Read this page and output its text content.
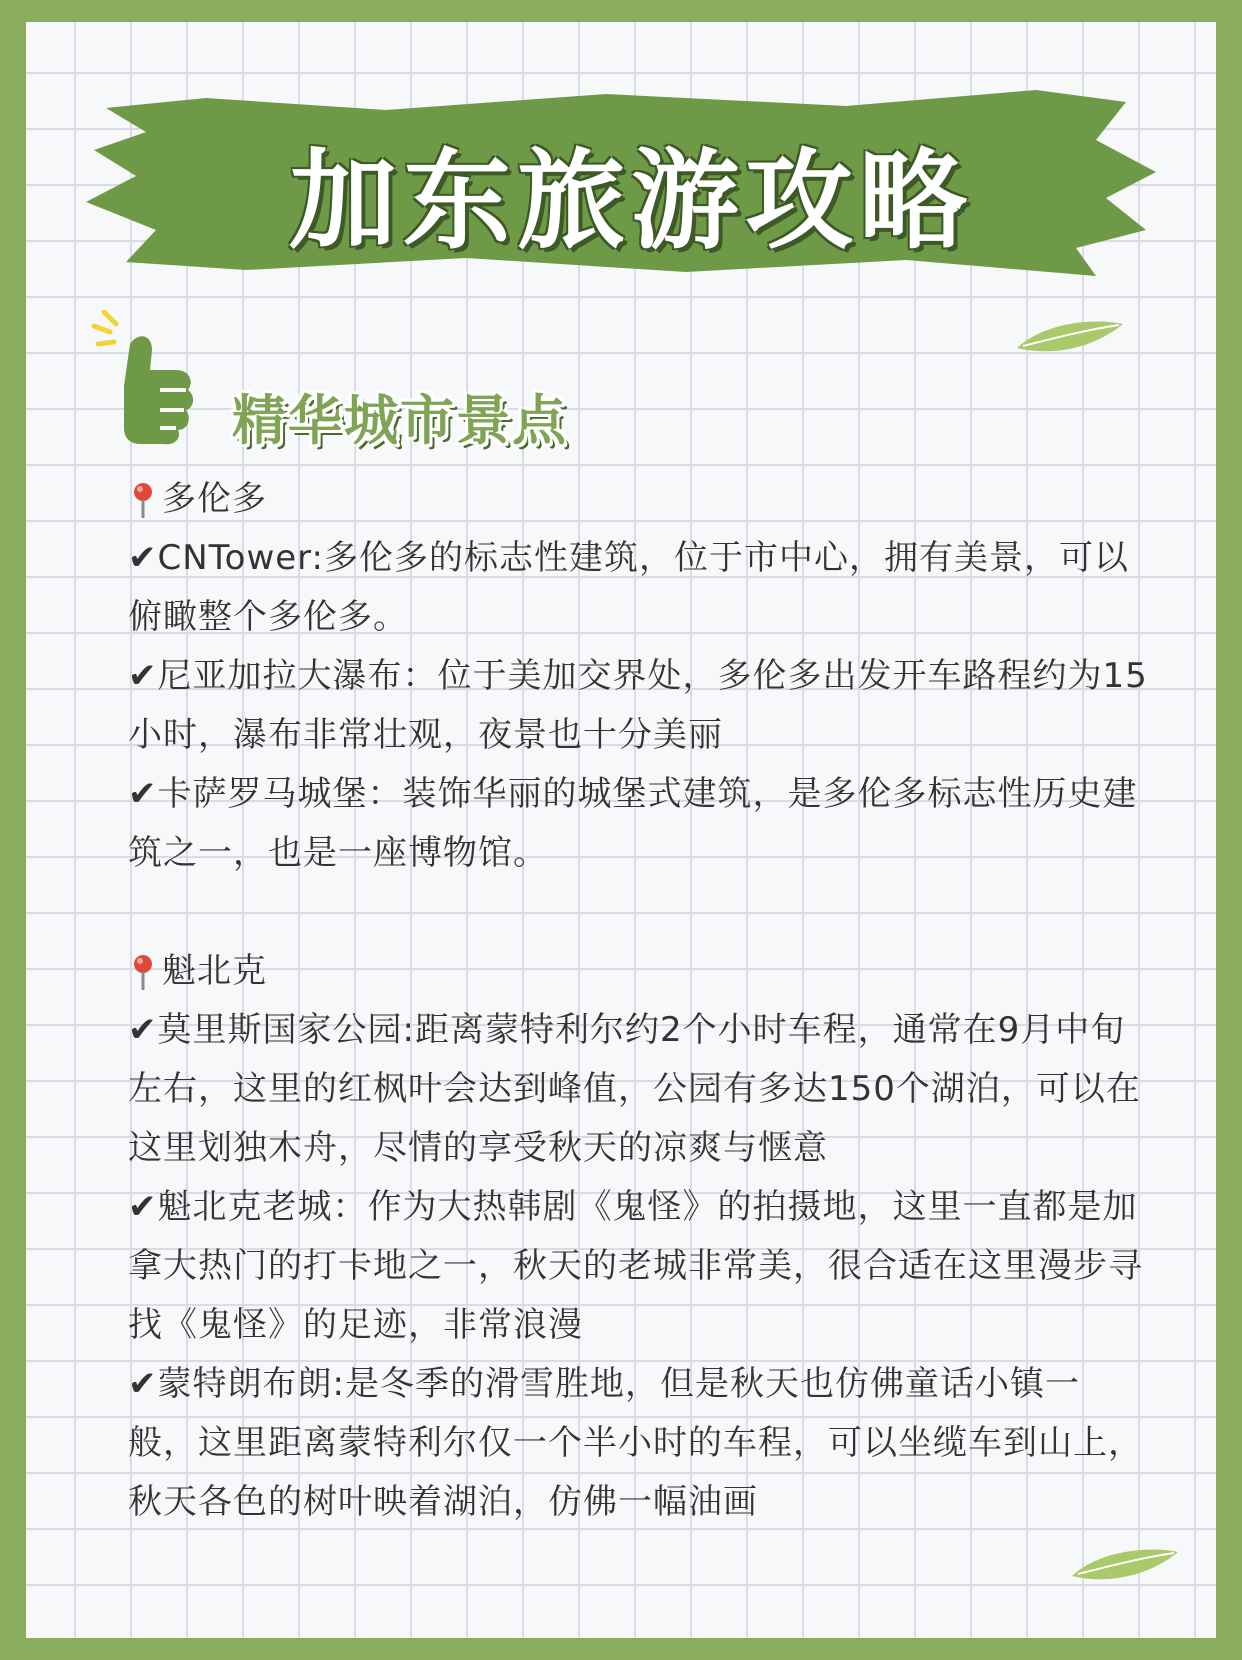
加东旅游攻略
精华城市景点
多伦多

✔CNTower:多伦多的标志性建筑，位于市中心，拥有美景，可以俯瞰整个多伦多。

✔尼亚加拉大瀑布：位于美加交界处，多伦多出发开车路程约为15小时，瀑布非常壮观，夜景也十分美丽

✔卡萨罗马城堡：装饰华丽的城堡式建筑，是多伦多标志性历史建筑之一，也是一座博物馆。

魁北克

✔莫里斯国家公园:距离蒙特利尔约2个小时车程，通常在9月中旬左右，这里的红枫叶会达到峰值，公园有多达150个湖泊，可以在这里划独木舟，尽情的享受秋天的凉爽与惬意

✔魁北克老城：作为大热韩剧《鬼怪》的拍摄地，这里一直都是加拿大热门的打卡地之一，秋天的老城非常美，很合适在这里漫步寻找《鬼怪》的足迹，非常浪漫

✔蒙特朗布朗:是冬季的滑雪胜地，但是秋天也仿佛童话小镇一般，这里距离蒙特利尔仅一个半小时的车程，可以坐缆车到山上，秋天各色的树叶映着湖泊，仿佛一幅油画
